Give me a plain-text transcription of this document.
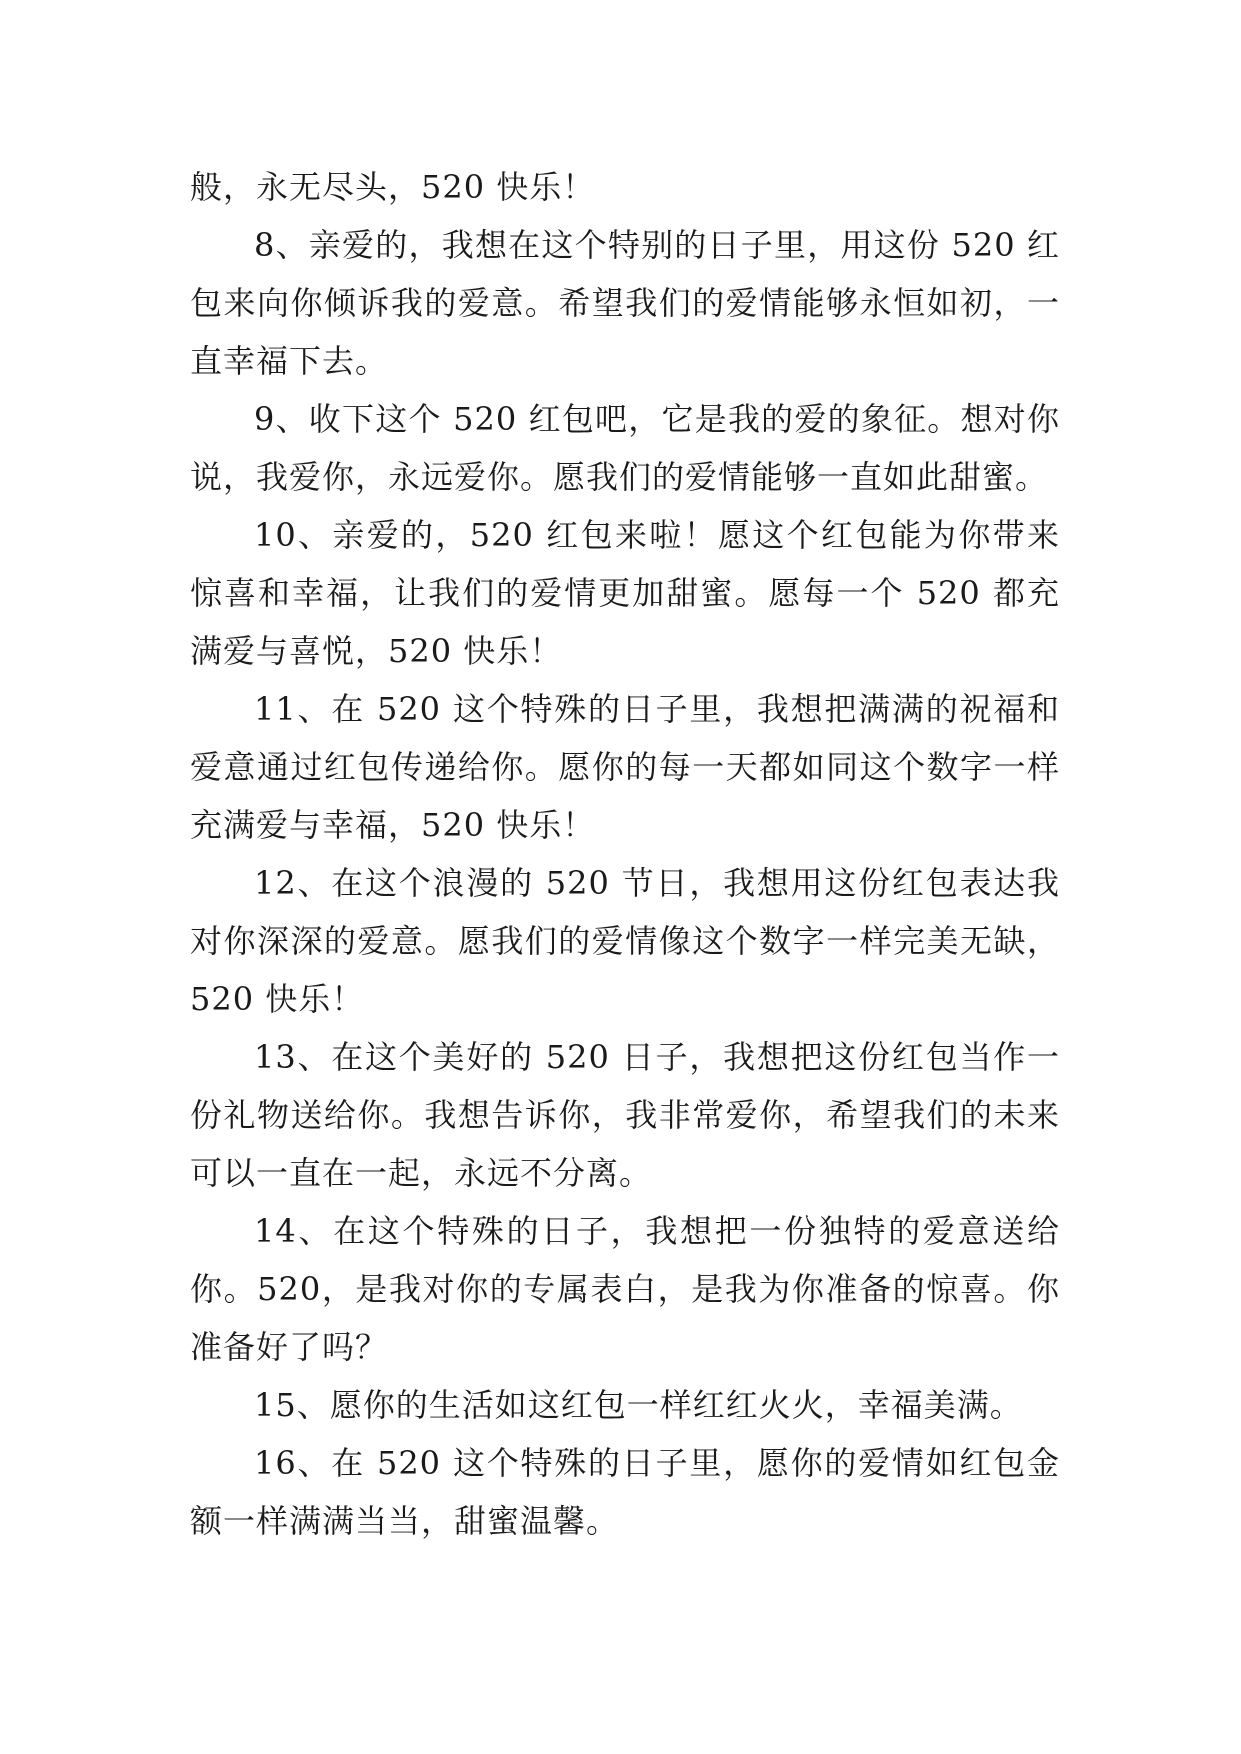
般，永无尽头，520 快乐！

8、亲爱的，我想在这个特别的日子里，用这份 520 红包来向你倾诉我的爱意。希望我们的爱情能够永恒如初，一直幸福下去。

9、收下这个 520 红包吧，它是我的爱的象征。想对你说，我爱你，永远爱你。愿我们的爱情能够一直如此甜蜜。

10、亲爱的，520 红包来啦！愿这个红包能为你带来惊喜和幸福，让我们的爱情更加甜蜜。愿每一个 520 都充满爱与喜悦，520 快乐！

11、在 520 这个特殊的日子里，我想把满满的祝福和爱意通过红包传递给你。愿你的每一天都如同这个数字一样充满爱与幸福，520 快乐！

12、在这个浪漫的 520 节日，我想用这份红包表达我对你深深的爱意。愿我们的爱情像这个数字一样完美无缺，520 快乐！

13、在这个美好的 520 日子，我想把这份红包当作一份礼物送给你。我想告诉你，我非常爱你，希望我们的未来可以一直在一起，永远不分离。

14、在这个特殊的日子，我想把一份独特的爱意送给你。520，是我对你的专属表白，是我为你准备的惊喜。你准备好了吗？

15、愿你的生活如这红包一样红红火火，幸福美满。

16、在 520 这个特殊的日子里，愿你的爱情如红包金额一样满满当当，甜蜜温馨。
